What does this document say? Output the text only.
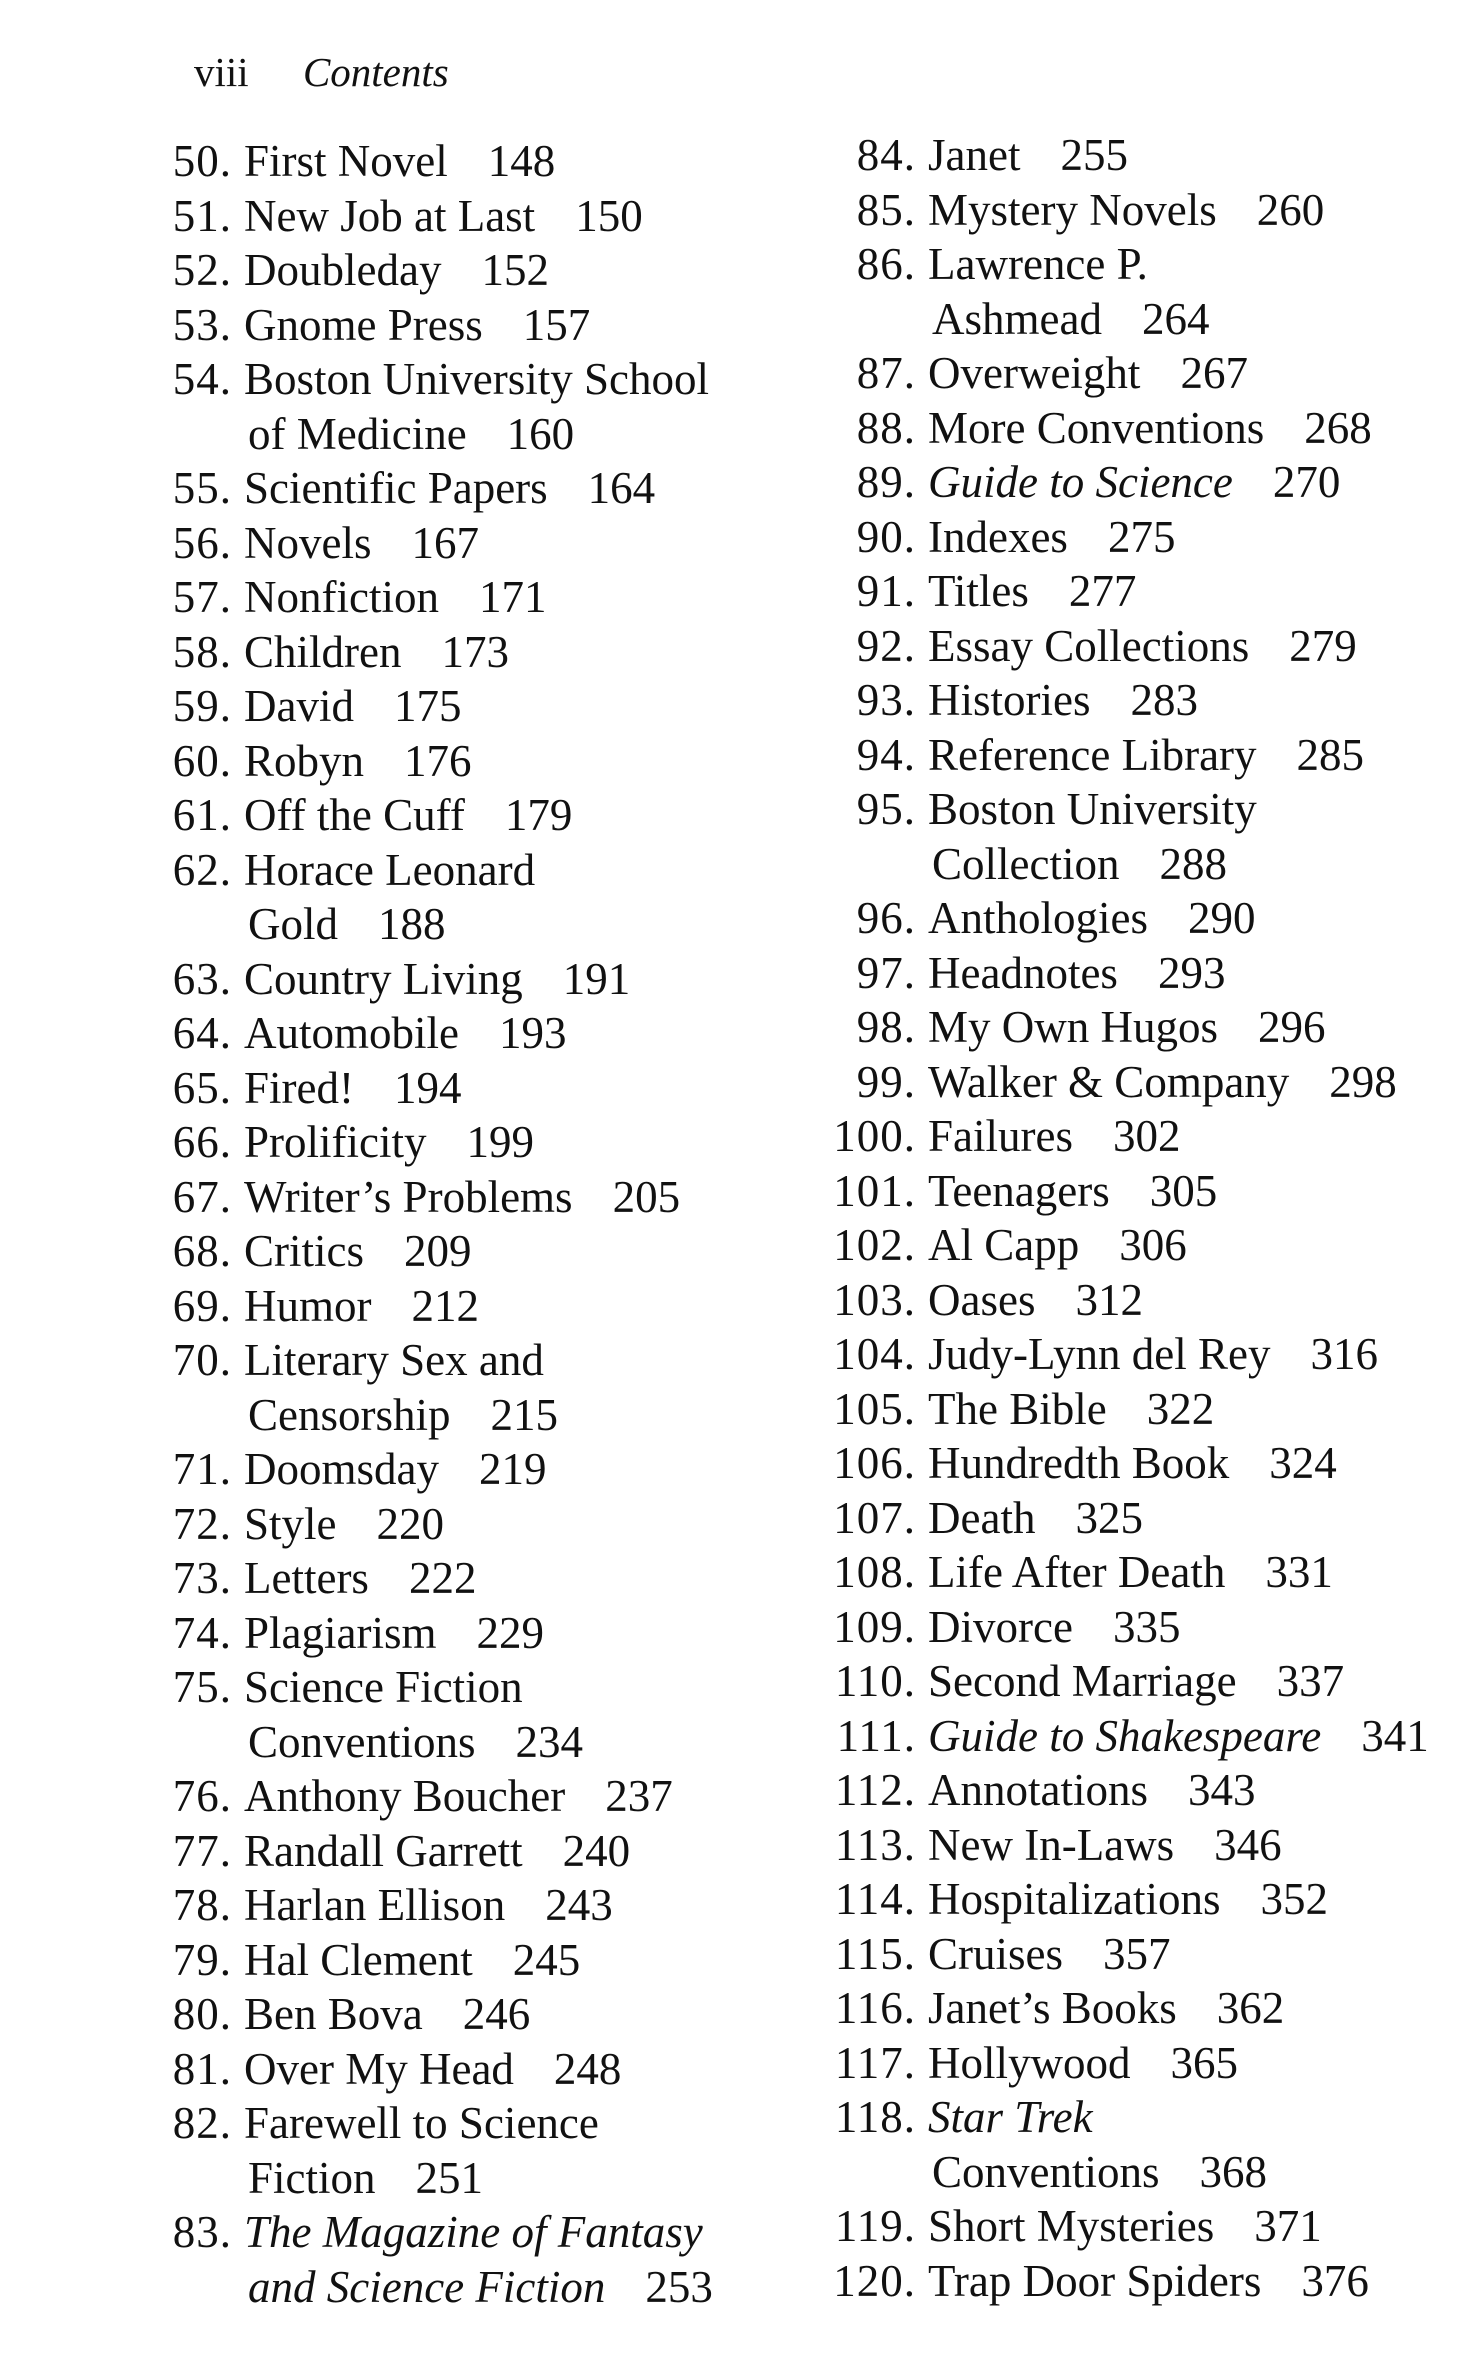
viii Contents
50. First Novel 148
51. New Job at Last 150
52. Doubleday 152
53. Gnome Press 157
54. Boston University School
of Medicine 160
55. Scientific Papers 164
56. Novels 167
57. Nonfiction 171
58. Children 173
59. David 175
60. Robyn 176
61. Off the Cuff 179
62. Horace Leonard
Gold 188
63. Country Living 191
64. Automobile 193
65. Fired! 194
66. Prolificity 199
67. Writer’s Problems 205
68. Critics 209
69. Humor 212
70. Literary Sex and
Censorship 215
71. Doomsday 219
72. Style 220
73. Letters 222
74. Plagiarism 229
75. Science Fiction
Conventions 234
76. Anthony Boucher 237
77. Randall Garrett 240
78. Harlan Ellison 243
79. Hal Clement 245
80. Ben Bova 246
81. Over My Head 248
82. Farewell to Science
Fiction 251
83. The Magazine of Fantasy
and Science Fiction 253
84. Janet 255
85. Mystery Novels 260
86. Lawrence P.
Ashmead 264
87. Overweight 267
88. More Conventions 268
89. Guide to Science 270
90. Indexes 275
91. Titles 277
92. Essay Collections 279
93. Histories 283
94. Reference Library 285
95. Boston University
Collection 288
96. Anthologies 290
97. Headnotes 293
98. My Own Hugos 296
99. Walker & Company 298
100. Failures 302
101. Teenagers 305
102. Al Capp 306
103. Oases 312
104. Judy-Lynn del Rey 316
105. The Bible 322
106. Hundredth Book 324
107. Death 325
108. Life After Death 331
109. Divorce 335
110. Second Marriage 337
111. Guide to Shakespeare 341
112. Annotations 343
113. New In-Laws 346
114. Hospitalizations 352
115. Cruises 357
116. Janet’s Books 362
117. Hollywood 365
118. Star Trek
Conventions 368
119. Short Mysteries 371
120. Trap Door Spiders 376
